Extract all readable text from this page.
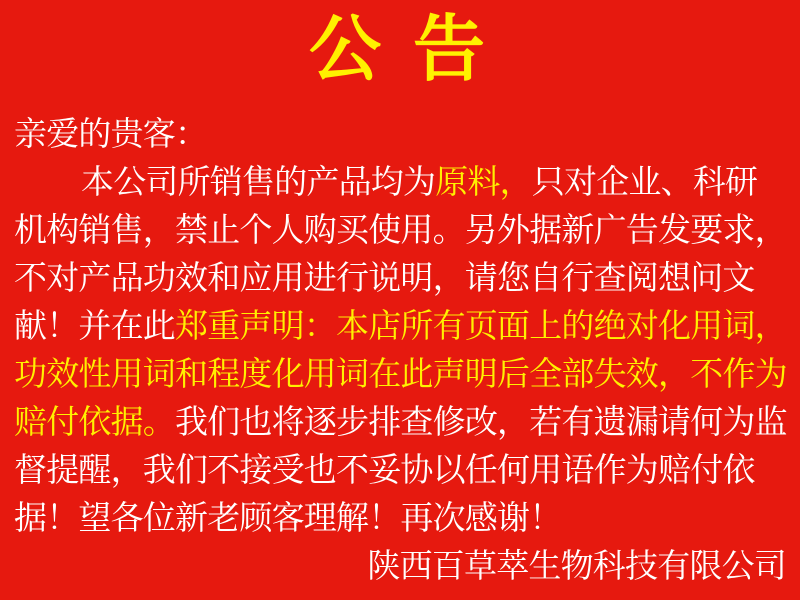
公 告

亲爱的贵客：

本公司所销售的产品均为原料，只对企业、科研

机构销售，禁止个人购买使用。另外据新广告发要求，

不对产品功效和应用进行说明，请您自行查阅想问文

献！并在此郑重声明：本店所有页面上的绝对化用词，

功效性用词和程度化用词在此声明后全部失效，不作为

赔付依据。我们也将逐步排查修改，若有遗漏请何为监

督提醒，我们不接受也不妥协以任何用语作为赔付依

据！望各位新老顾客理解！再次感谢！

陕西百草萃生物科技有限公司
